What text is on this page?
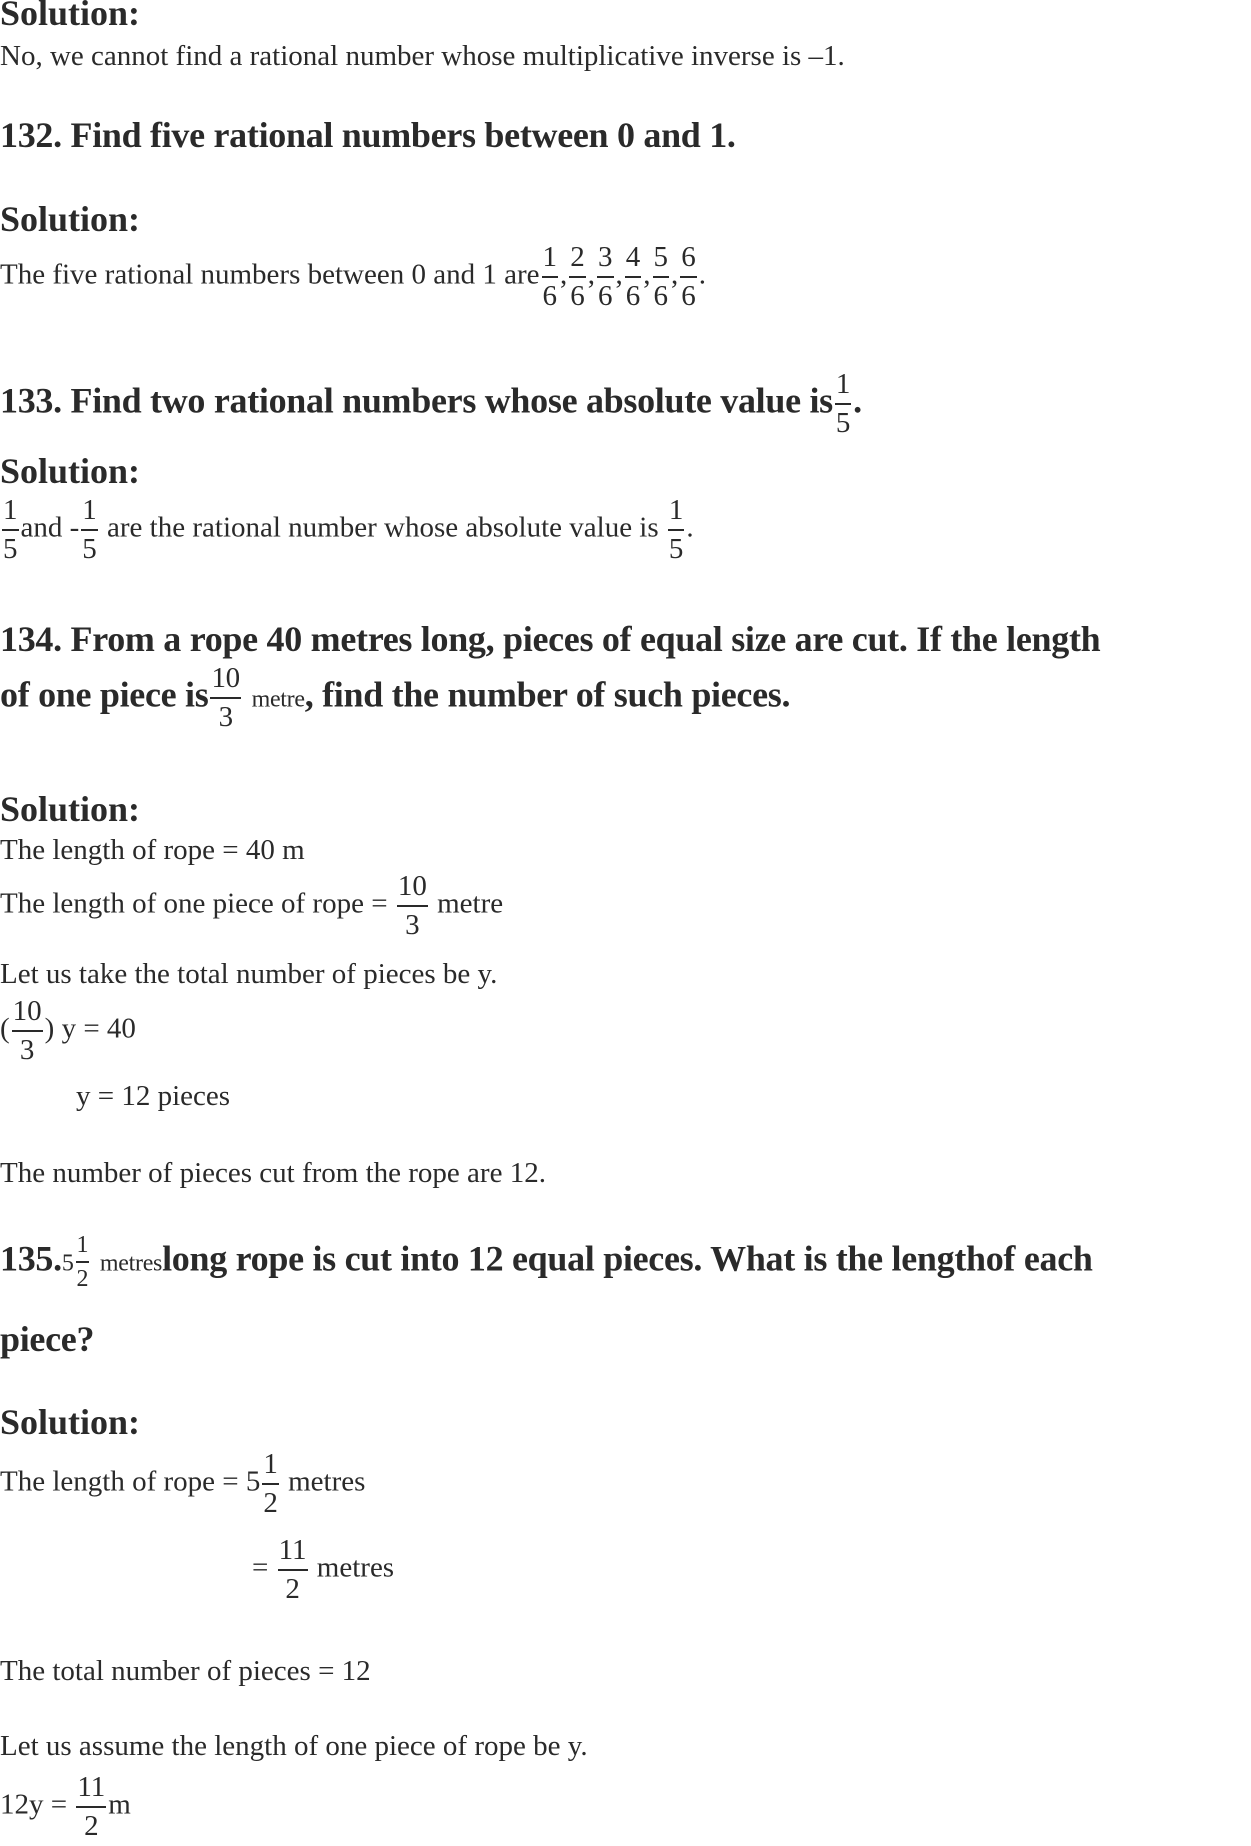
Solution:
No, we cannot find a rational number whose multiplicative inverse is –1.
132. Find five rational numbers between 0 and 1.
Solution:
The five rational numbers between 0 and 1 are $\frac{1}{6}$ , $\frac{2}{6}$ , $\frac{3}{6}$ , $\frac{4}{6}$ , $\frac{5}{6}$ , $\frac{6}{6}$ .
133. Find two rational numbers whose absolute value is $\frac{1}{5}$ .
Solution:
$\frac{1}{5}$ and - $\frac{1}{5}$ are the rational number whose absolute value is $\frac{1}{5}$ .
134. From a rope 40 metres long, pieces of equal size are cut. If the length
of one piece is $\frac{10}{3}$ metre, find the number of such pieces.
Solution:
The length of rope = 40 m
The length of one piece of rope = $\frac{10}{3}$ metre
Let us take the total number of pieces be y.
( $\frac{10}{3}$ ) y = 40
y = 12 pieces
The number of pieces cut from the rope are 12.
$135.5 \frac{1}{2}$ metreslong rope is cut into 12 equal pieces. What is the lengthof each
piece?
Solution:
The length of rope = $5 \frac{1}{2}$ metres
= $\frac{11}{2}$ metres
The total number of pieces = 12
Let us assume the length of one piece of rope be y.
$12y = \frac{11}{2}$ m
